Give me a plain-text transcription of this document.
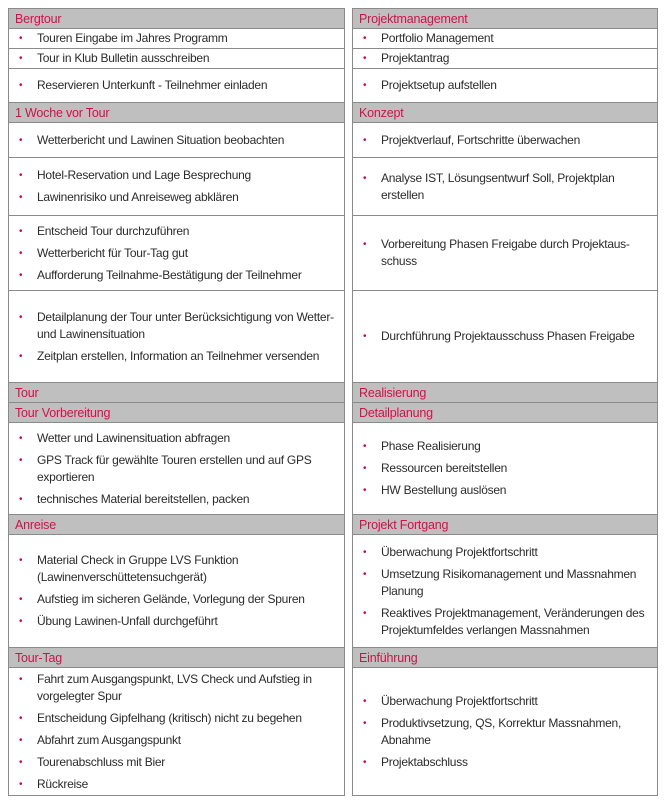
Bergtour
•	Touren Eingabe im Jahres Programm
•	Tour in Klub Bulletin ausschreiben
•	Reservieren Unterkunft - Teilnehmer einladen
1 Woche vor Tour
•	Wetterbericht und Lawinen Situation beobachten
•	Hotel-Reservation und Lage Besprechung
•	Lawinenrisiko und Anreiseweg abklären
•	Entscheid Tour durchzuführen
•	Wetterbericht für Tour-Tag gut
•	Aufforderung Teilnahme-Bestätigung der Teilnehmer
•	Detailplanung der Tour unter Berücksichtigung von Wetter- und Lawinensituation
•	Zeitplan erstellen, Information an Teilnehmer versenden
Tour
Tour Vorbereitung
•	Wetter und Lawinensituation abfragen
•	GPS Track für gewählte Touren erstellen und auf GPS exportieren
•	technisches Material bereitstellen, packen
Anreise
•	Material Check in Gruppe LVS Funktion (Lawinenverschüttetensuchgerät)
•	Aufstieg im sicheren Gelände, Vorlegung der Spuren
•	Übung Lawinen-Unfall durchgeführt
Tour-Tag
•	Fahrt zum Ausgangspunkt, LVS Check und Aufstieg in vorgelegter Spur
•	Entscheidung Gipfelhang (kritisch) nicht zu begehen
•	Abfahrt zum Ausgangspunkt
•	Tourenabschluss mit Bier
•	Rückreise
Projektmanagement
•	Portfolio Management
•	Projektantrag
•	Projektsetup aufstellen
Konzept
•	Projektverlauf, Fortschritte überwachen
•	Analyse IST, Lösungsentwurf Soll, Projektplan erstellen
•	Vorbereitung Phasen Freigabe durch Projektausschuss
•	Durchführung Projektausschuss Phasen Freigabe
Realisierung
Detailplanung
•	Phase Realisierung
•	Ressourcen bereitstellen
•	HW Bestellung auslösen
Projekt Fortgang
•	Überwachung Projektfortschritt
•	Umsetzung Risikomanagement und Massnahmen Planung
•	Reaktives Projektmanagement, Veränderungen des Projektumfeldes verlangen Massnahmen
Einführung
•	Überwachung Projektfortschritt
•	Produktivsetzung, QS, Korrektur Massnahmen, Abnahme
•	Projektabschluss
